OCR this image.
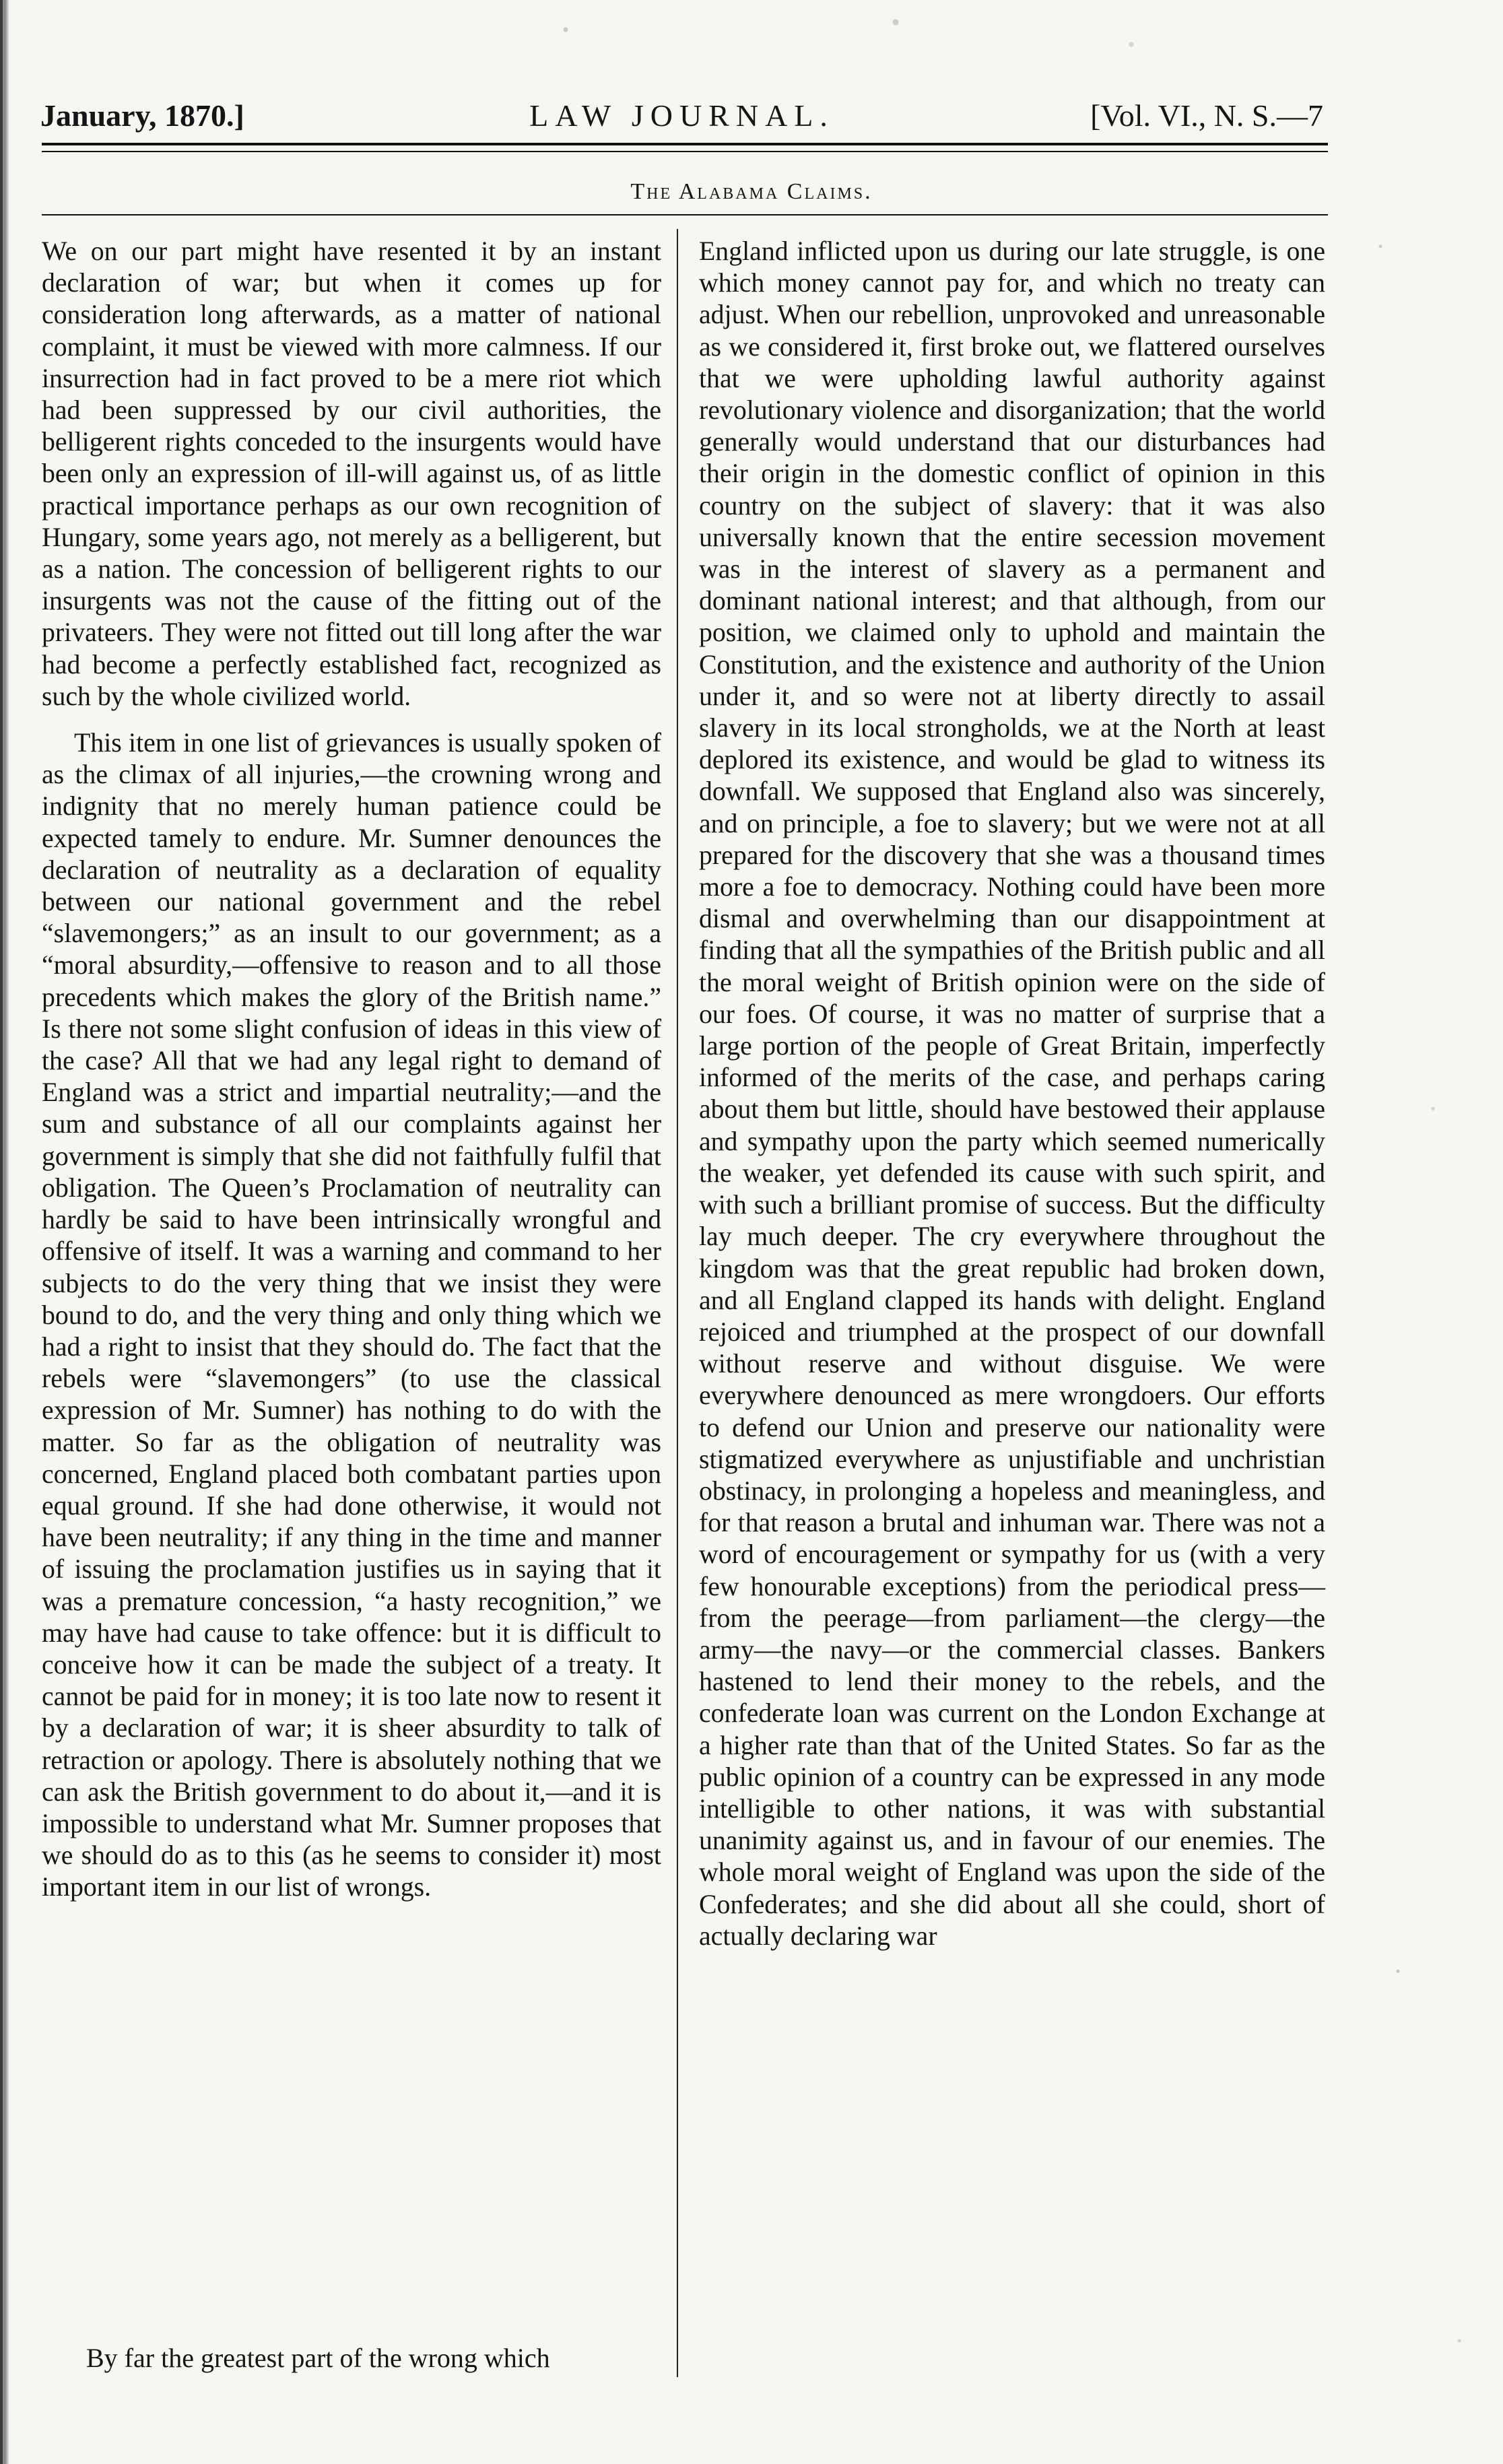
LAW JOURNAL.
January, 1870.]	[Vol. VI., N. S.—7
The Alabama Claims.

We on our part might have resented it by an instant declaration of war; but when it comes up for consideration long afterwards, as a matter of national complaint, it must be viewed with more calmness. If our insurrection had in fact proved to be a mere riot which had been suppressed by our civil authorities, the belligerent rights conceded to the insurgents would have been only an expression of ill-will against us, of as little practical importance perhaps as our own recognition of Hungary, some years ago, not merely as a belligerent, but as a nation. The concession of belligerent rights to our insurgents was not the cause of the fitting out of the privateers. They were not fitted out till long after the war had become a perfectly established fact, recognized as such by the whole civilized world.

This item in one list of grievances is usually spoken of as the climax of all injuries,—the crowning wrong and indignity that no merely human patience could be expected tamely to endure. Mr. Sumner denounces the declaration of neutrality as a declaration of equality between our national government and the rebel “slavemongers;” as an insult to our government; as a “moral absurdity,—offensive to reason and to all those precedents which makes the glory of the British name.” Is there not some slight confusion of ideas in this view of the case? All that we had any legal right to demand of England was a strict and impartial neutrality;—and the sum and substance of all our complaints against her government is simply that she did not faithfully fulfil that obligation. The Queen’s Proclamation of neutrality can hardly be said to have been intrinsically wrongful and offensive of itself. It was a warning and command to her subjects to do the very thing that we insist they were bound to do, and the very thing and only thing which we had a right to insist that they should do. The fact that the rebels were “slavemongers” (to use the classical expression of Mr. Sumner) has nothing to do with the matter. So far as the obligation of neutrality was concerned, England placed both combatant parties upon equal ground. If she had done otherwise, it would not have been neutrality; if any thing in the time and manner of issuing the proclamation justifies us in saying that it was a premature concession, “a hasty recognition,” we may have had cause to take offence: but it is difficult to conceive how it can be made the subject of a treaty. It cannot be paid for in money; it is too late now to resent it by a declaration of war; it is sheer absurdity to talk of retraction or apology. There is absolutely nothing that we can ask the British government to do about it,—and it is impossible to understand what Mr. Sumner proposes that we should do as to this (as he seems to consider it) most important item in our list of wrongs.

By far the greatest part of the wrong which

England inflicted upon us during our late struggle, is one which money cannot pay for, and which no treaty can adjust. When our rebellion, unprovoked and unreasonable as we considered it, first broke out, we flattered ourselves that we were upholding lawful authority against revolutionary violence and disorganization; that the world generally would understand that our disturbances had their origin in the domestic conflict of opinion in this country on the subject of slavery: that it was also universally known that the entire secession movement was in the interest of slavery as a permanent and dominant national interest; and that although, from our position, we claimed only to uphold and maintain the Constitution, and the existence and authority of the Union under it, and so were not at liberty directly to assail slavery in its local strongholds, we at the North at least deplored its existence, and would be glad to witness its downfall. We supposed that England also was sincerely, and on principle, a foe to slavery; but we were not at all prepared for the discovery that she was a thousand times more a foe to democracy. Nothing could have been more dismal and overwhelming than our disappointment at finding that all the sympathies of the British public and all the moral weight of British opinion were on the side of our foes. Of course, it was no matter of surprise that a large portion of the people of Great Britain, imperfectly informed of the merits of the case, and perhaps caring about them but little, should have bestowed their applause and sympathy upon the party which seemed numerically the weaker, yet defended its cause with such spirit, and with such a brilliant promise of success. But the difficulty lay much deeper. The cry everywhere throughout the kingdom was that the great republic had broken down, and all England clapped its hands with delight. England rejoiced and triumphed at the prospect of our downfall without reserve and without disguise. We were everywhere denounced as mere wrongdoers. Our efforts to defend our Union and preserve our nationality were stigmatized everywhere as unjustifiable and unchristian obstinacy, in prolonging a hopeless and meaningless, and for that reason a brutal and inhuman war. There was not a word of encouragement or sympathy for us (with a very few honourable exceptions) from the periodical press—from the peerage—from parliament—the clergy—the army—the navy—or the commercial classes. Bankers hastened to lend their money to the rebels, and the confederate loan was current on the London Exchange at a higher rate than that of the United States. So far as the public opinion of a country can be expressed in any mode intelligible to other nations, it was with substantial unanimity against us, and in favour of our enemies. The whole moral weight of England was upon the side of the Confederates; and she did about all she could, short of actually declaring war
